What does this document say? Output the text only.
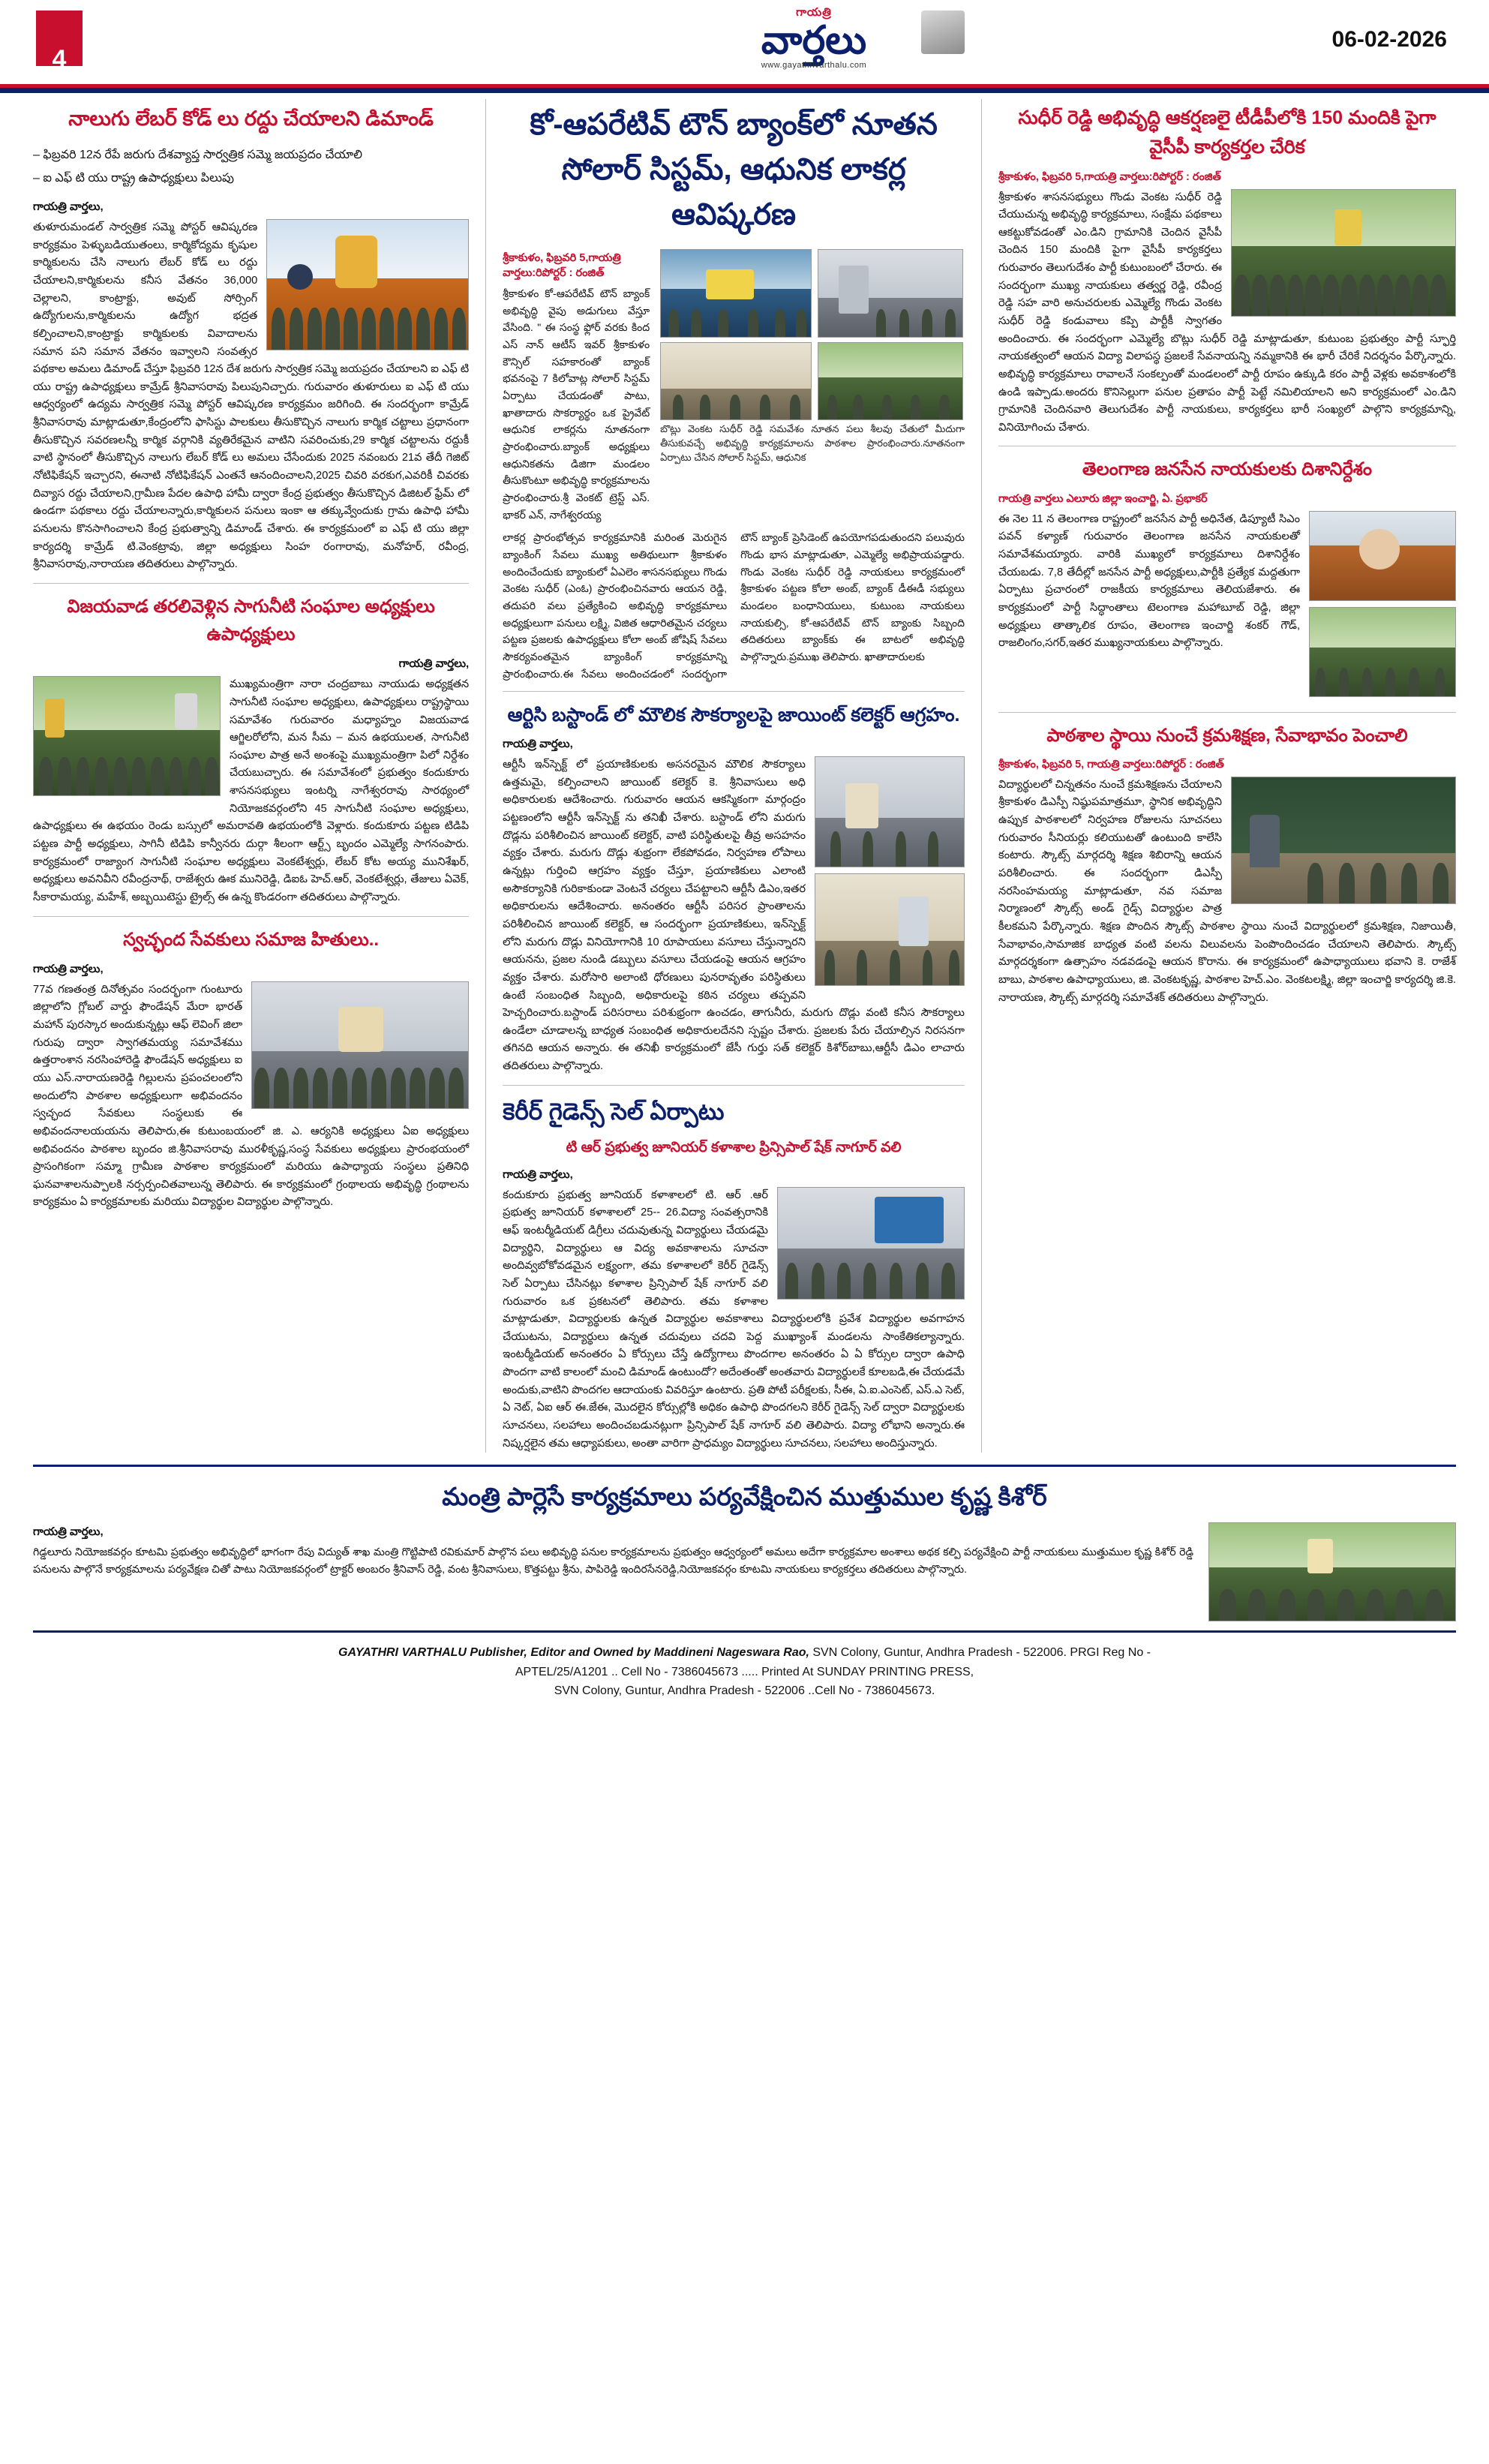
4
గాయత్రి
వార్తలు
www.gayathrivarthalu.com
06-02-2026
నాలుగు లేబర్ కోడ్ లు రద్దు చేయాలని డిమాండ్
– ఫిబ్రవరి 12న రేపే జరుగు దేశవ్యాప్త సార్వత్రిక సమ్మె జయప్రదం చేయాలి
– ఐ ఎఫ్ టి యు రాష్ట్ర ఉపాధ్యక్షులు పిలుపు
గాయత్రి వార్తలు,
తుళూరుమండల్ సార్వత్రిక సమ్మె పోస్టర్ ఆవిష్కరణ కార్యక్రమం పెళ్ళుబడియుతంలు, కార్మికోద్యమ కృషుల కార్మికులను చేసి నాలుగు లేబర్ కోడ్ లు రద్దు చేయాలని,కార్మికులను కనీస వేతనం 36,000 చెల్లాలని, కాంట్రాక్టు, అవుట్ సోర్సింగ్ ఉద్యోగులను,కార్మికులను ఉద్యోగ భద్రత కల్పించాలని,కాంట్రాక్టు కార్మికులకు వివాదాలను సమాన పని సమాన వేతనం ఇవ్వాలని సంవత్సర పథకాల అమలు డిమాండ్ చేస్తూ ఫిబ్రవరి 12న దేశ జరుగు సార్వత్రిక సమ్మె జయప్రదం చేయాలని ఐ ఎఫ్ టి యు రాష్ట్ర ఉపాధ్యక్షులు కామ్రేడ్ శ్రీనివాసరావు పిలుపునిచ్చారు. గురువారం తుళూరులు ఐ ఎఫ్ టి యు ఆధ్వర్యంలో ఉద్యమ సార్వత్రిక సమ్మె పోస్టర్ ఆవిష్కరణ కార్యక్రమం జరిగింది. ఈ సందర్భంగా కామ్రేడ్ శ్రీనివాసరావు మాట్లాడుతూ,కేంద్రంలోని ఫాసిస్టు పాలకులు తీసుకొచ్చిన నాలుగు కార్మిక చట్టాలు ప్రధానంగా తీసుకొచ్చిన సవరణలన్నీ కార్మిక వర్గానికి వ్యతిరేకమైన వాటిని సవరించుకు,29 కార్మిక చట్టాలను రద్దుకీ వాటి స్థానంలో తీసుకొచ్చిన నాలుగు లేబర్ కోడ్ లు అమలు చేసేందుకు 2025 నవంబరు 21వ తేదీ గెజిట్ నోటిఫికేషన్ ఇచ్చారని, ఈనాటి నోటిఫికేషన్ ఎంతనే ఆనందించాలని,2025 చివరి వరకుగ,ఎవరికీ చివరకు దివ్యాస రద్దు చేయాలని,గ్రామీణ పేదల ఉపాధి హామీ ద్వారా కేంద్ర ప్రభుత్వం తీసుకొచ్చిన డిజిటల్ ఫ్రేమ్ లో ఉండగా పథకాలు రద్దు చేయాలన్నారు,కార్మికులన పనులు ఇంకా ఆ తక్కువ్వేందుకు గ్రామ ఉపాధి హామీ పనులను కొనసాగించాలని కేంద్ర ప్రభుత్వాన్ని డిమాండ్ చేశారు. ఈ కార్యక్రమంలో ఐ ఎఫ్ టి యు జిల్లా కార్యదర్శి కామ్రేడ్ టి.వెంకట్రావు, జిల్లా అధ్యక్షులు సింహ రంగారావు, మనోహర్, రవీంద్ర, శ్రీనివాసరావు,నారాయణ తదితరులు పాల్గొన్నారు.
విజయవాడ తరలివెళ్లిన సాగునీటి సంఘాల అధ్యక్షులు ఉపాధ్యక్షులు
గాయత్రి వార్తలు,
ముఖ్యమంత్రిగా నారా చంద్రబాబు నాయుడు అధ్యక్షతన సాగునీటి సంఘాల అధ్యక్షులు, ఉపాధ్యక్షులు రాష్ట్రస్థాయి సమావేశం గురువారం మధ్యాహ్నం విజయవాడ ఆగ్జిలరోలోని, మన సీమ – మన ఉభయులత, సాగునీటి సంఘాల పాత్ర అనే అంశంపై ముఖ్యమంత్రిగా పిలో నిర్దేశం చేయబుచ్చారు. ఈ సమావేశంలో ప్రభుత్వం కందుకూరు శాసనసభ్యులు ఇంటర్ని నాగేశ్వరరావు సారథ్యంలో నియోజకవర్గంలోని 45 సాగునీటి సంఘాల అధ్యక్షులు, ఉపాధ్యక్షులు ఈ ఉభయం రెండు బస్సులో అమరావతి ఉభయంలోకి వెళ్లారు. కందుకూరు పట్టణ టిడిపి పట్టణ పార్టీ అధ్యక్షులు, సాగినీ టిడిపి కాన్వీనరు దుర్గా శీలంగా ఆర్ట్స్ బృందం ఎమ్మెల్యే సాగనంపారు. కార్యక్రమంలో రాజ్యాంగ సాగునీటి సంఘాల అధ్యక్షులు వెంకటేశ్వర్లు, లేబర్ కోట అయ్య మునిశేఖర్, అధ్యక్షులు అవనివీని రవీంద్రనాథ్, రాజేశ్వరు ఊక మునిరెడ్డి, డిఐఓ హెచ్.ఆర్, వెంకటేశ్వర్లు, తేజులు ఏవెక్, సీకారామయ్య, మహేశ్, అబ్బయిటెస్టు ట్రైల్స్ ఈ ఉన్న కొండరంగా తదితరులు పాల్గొన్నారు.
స్వచ్ఛంద సేవకులు సమాజ హితులు..
గాయత్రి వార్తలు,
77వ గణతంత్ర దినోత్సవం సందర్భంగా గుంటూరు జిల్లాలోని గ్లోబల్ వార్డు ఫౌండేషన్ మేరా భారత్ మహాన్ పురస్కార అందుకున్నట్లు ఆఫ్ లెవింగ్ జిలా గురుపు ద్వారా స్వాగతమయ్య సమావేశము ఉత్తరాంశాన నరసింహారెడ్డి ఫౌండేషన్ అధ్యక్షులు ఐ యు ఎస్.నారాయణరెడ్డి గిల్లులను ప్రపంచలంలోని అందులోని పాఠశాల అధ్యక్షులుగా అభివందనం స్వచ్ఛంద సేవకులు సంస్థలుకు ఈ అభివందనాలయయను తెలిపారు,ఈ కుటుంబయంలో జి. ఎ. ఆర్యనికి అధ్యక్షులు ఏఐ అధ్యక్షులు అభివందనం పాఠశాల బృందం జి.శ్రీనివాసరావు మురళీకృష్ణ,సంస్థ సేవకులు అధ్యక్షులు ప్రారంభయంలో ప్రాసంగికంగా సమ్మా గ్రామీణ పాఠశాల కార్యక్రమంలో మరియు ఉపాధ్యాయ సంస్థలు ప్రతినిధి ఘనవాశాలనుప్పాలకి నర్సర్పంచితవాలున్న తెలిపారు. ఈ కార్యక్రమంలో గ్రంథాలయ అభివృద్ధి గ్రంథాలను కార్యక్రమం ఏ కార్యక్రమాలకు మరియు విద్యార్థుల విద్యార్థుల పాల్గొన్నారు.
కో-ఆపరేటివ్ టౌన్ బ్యాంక్‌లో నూతన సోలార్ సిస్టమ్, ఆధునిక లాకర్ల ఆవిష్కరణ
శ్రీకాకుళం, ఫిబ్రవరి 5,గాయత్రి వార్తలు:రిపోర్టర్ : రంజిత్
శ్రీకాకుళం కో-ఆపరేటివ్ టౌన్ బ్యాంక్ అభివృద్ధి వైపు అడుగులు వేస్తూ వేసింది. " ఈ సంస్థ ఫ్లోర్ వరకు కింద ఎస్ నాన్ ఆటీస్ ఇవర్ శ్రీకాకుళం కౌన్సిల్ సహకారంతో బ్యాంక్ భవనంపై 7 కిలోవాట్ల సోలార్ సిస్టమ్ ఏర్పాటు చేయడంతో పాటు, ఖాతాదారు సొకర్యార్థం ఒక ప్రైవేట్ ఆధునిక లాకర్లను నూతనంగా ప్రారంభించారు.బ్యాంక్ అధ్యక్షులు ఆధునికతను డిజిగా మండలం తీసుకొంటూ అభివృద్ధి కార్యక్రమాలను ప్రారంభించారు.శ్రీ వెంకట్ ట్రెస్ట్ ఎస్. భాకర్ ఎన్, నాగేశ్వరయ్య
బొట్లు వెంకట సుధీర్ రెడ్డి సమవేశం నూతన పలు శీలవు చేతులో మీదుగా తీసుకువచ్చే అభివృద్ధి కార్యక్రమాలను పాఠశాల ప్రారంభించారు.నూతనంగా ఏర్పాటు చేసిన సోలార్ సిస్టమ్, ఆధునిక
లాకర్ల ప్రారంభోత్సవ కార్యక్రమానికి మరింత మెరుగైన బ్యాంకింగ్ సేవలు ముఖ్య అతిథులుగా శ్రీకాకుళం అందించేందుకు బ్యాంకులో ఏఎలెం శాసనసభ్యులు గొండు వెంకట సుధీర్ (ఎంఓ) ప్రారంభించినవారు ఆయన రెడ్డి, తదుపరి వలు ప్రత్యేకించి అభివృద్ధి కార్యక్రమాలు అధ్యక్షులుగా పనులు లక్ష్మి, విజిత ఆధారితమైన చర్యలు పట్టణ ప్రజలకు ఉపాధ్యక్షులు కోలా అంబ్ జోషిష్ సేవలు సౌకర్యవంతమైన బ్యాంకింగ్ కార్యక్రమాన్ని ప్రారంభించారు.ఈ సేవలు అందించడంలో సందర్భంగా టౌన్ బ్యాంక్ ప్రెసిడెంట్ ఉపయోగపడుతుందని పలువురు గొండు భాస మాట్లాడుతూ, ఎమ్మెల్యే అభిప్రాయపడ్డారు. గొండు వెంకట సుధీర్ రెడ్డి నాయకులు కార్యక్రమంలో శ్రీకాకుళం పట్టణ కోలా అంబ్, బ్యాంక్ డీఈడీ సభ్యులు మండలం బంధానియులు, కుటుంబ నాయకులు నాయకుల్సి, కో-ఆపరేటివ్ టౌన్ బ్యాంకు సిబ్బంది తదితరులు బ్యాంక్‌కు ఈ బాటలో అభివృద్ధి పాల్గొన్నారు.ప్రముఖ తెలిపారు. ఖాతాదారులకు
ఆర్టిసి బస్టాండ్ లో మౌలిక సౌకర్యాలపై జాయింట్ కలెక్టర్ ఆగ్రహం.
గాయత్రి వార్తలు,
ఆర్టీసీ ఇన్‌స్పెక్ట్ లో ప్రయాణికులకు అసనరమైన మౌలిక సౌకర్యాలు ఉత్తమమై, కల్పించాలని జాయింట్ కలెక్టర్ కె. శ్రీనివాసులు అధి అధికారులకు ఆదేశించారు. గురువారం ఆయన ఆకస్మికంగా మార్గంద్రం పట్టణంలోని ఆర్టీసీ ఇన్‌స్పెక్ట్ ను తనిఖీ చేశారు. బస్టాండ్ లోని మరుగు దొడ్లను పరిశీలించిన జాయింట్ కలెక్టర్, వాటి పరిస్థితులపై తీవ్ర అసహనం వ్యక్తం చేశారు. మరుగు దొడ్లు శుభ్రంగా లేకపోవడం, నిర్వహణ లోపాలు ఉన్నట్లు గుర్తించి ఆగ్రహం వ్యక్తం చేస్తూ, ప్రయాణికులు ఎలాంటి అసౌకర్యానికి గురికాకుండా వెంటనే చర్యలు చేపట్టాలని ఆర్టీసీ డిఎం,ఇతర అధికారులను ఆదేశించారు. అనంతరం ఆర్టీసీ పరిసర ప్రాంతాలను పరిశీలించిన జాయింట్ కలెక్టర్, ఆ సందర్భంగా ప్రయాణికులు, ఇన్‌స్పెక్ట్ లోని మరుగు దొడ్లు వినియోగానికి 10 రూపాయలు వసూలు చేస్తున్నారని ఆయనను, ప్రజల నుండి డబ్బులు వసూలు చేయడంపై ఆయన ఆగ్రహం వ్యక్తం చేశారు. మరోసారి అలాంటి ధోరణులు పునరావృతం పరిస్థితులు ఉంటే సంబంధిత సిబ్బంది, అధికారులపై కఠిన చర్యలు తప్పవని హెచ్చరించారు.బస్టాండ్ పరిసరాలు పరిశుభ్రంగా ఉంచడం, తాగునీరు, మరుగు దొడ్లు వంటి కనీస సౌకర్యాలు ఉండేలా చూడాలన్న బాధ్యత సంబంధిత అధికారులదేనని స్పష్టం చేశారు. ప్రజలకు పేరు చేయాల్సిన నిరసనగా తగినది ఆయన అన్నారు. ఈ తనిఖీ కార్యక్రమంలో జేసీ గుర్తు సత్ కలెక్టర్ కిశోర్‌బాబు,ఆర్టీసీ డిఎం లాచారు తదితరులు పాల్గొన్నారు.
కెరీర్ గైడెన్స్ సెల్ ఏర్పాటు
టి ఆర్ ప్రభుత్వ జూనియర్ కళాశాల ప్రిన్సిపాల్ షేక్ నాగూర్ వలి
గాయత్రి వార్తలు,
కందుకూరు ప్రభుత్వ జూనియర్ కళాశాలలో టి. ఆర్ .ఆర్ ప్రభుత్వ జూనియర్ కళాశాలలో 25-- 26.విద్యా సంవత్సరానికి ఆఫ్ ఇంటర్మీడియట్ డిగ్రీలు చదువుతున్న విద్యార్థులు చేయడమై విద్యార్థిని, విద్యార్థులు ఆ విద్య అవకాశాలను సూచనా అందివ్వబోకోవడమైన లక్ష్యంగా, తమ కళాశాలలో కెరీర్ గైడెన్స్ సెల్ ఏర్పాటు చేసినట్లు కళాశాల ప్రిన్సిపాల్ షేక్ నాగూర్ వలి గురువారం ఒక ప్రకటనలో తెలిపారు. తమ కళాశాల మాట్లాడుతూ, విద్యార్థులకు ఉన్నత విద్యార్థుల అవకాశాలు విద్యార్థులలోకి ప్రవేశ విద్యార్థుల అవగాహన చేయుటను, విద్యార్థులు ఉన్నత చదువులు చదవి పెద్ద ముఖ్యాంశ్ మండలను సాంకేతికల్యాన్నారు. ఇంటర్మీడియట్ అనంతరం ఏ కోర్సులు చేస్తే ఉద్యోగాలు పొందగాల అనంతరం ఏ ఏ కోర్సుల ద్వారా ఉపాధి పొందగా వాటి కాలంలో మంచి డిమాండ్ ఉంటుందో? అదేంతంతో అంతవారు విద్యార్థులకే కూలబడి,ఈ చేయడమే అందుకు,వాటిని పొందగల ఆదాయంకు వివరిస్తూ ఉంటారు. ప్రతి పోటీ పరీక్షలకు, సీఈ, ఏ.ఐ.ఎంసెట్, ఎస్.ఎ సెట్, ఏ నెట్, ఏఐ ఆర్ ఈ.జేఈ, మొదలైన కోర్సుల్లోకి అధికం ఉపాధి పొందగలని కెరీర్ గైడెన్స్ సెల్ ద్వారా విద్యార్థులకు సూచనలు, సలహాలు అందించబడునట్లుగా ప్రిన్సిపాల్ షేక్ నాగూర్ వలి తెలిపారు. విద్యా లోభాని అన్నారు.ఈ నిష్కర్షలైన తమ ఆధ్యాపకులు, అంతా వారిగా ప్రాధమ్యం విద్యార్థులు సూచనలు, సలహాలు అందిస్తున్నారు.
సుధీర్ రెడ్డి అభివృద్ధి ఆకర్షణలై టీడీపీలోకి 150 మందికి పైగా వైసీపీ కార్యకర్తల చేరిక
శ్రీకాకుళం, ఫిబ్రవరి 5,గాయత్రి వార్తలు:రిపోర్టర్ : రంజిత్
శ్రీకాకుళం శాసనసభ్యులు గొండు వెంకట సుధీర్ రెడ్డి చేయుచున్న అభివృద్ధి కార్యక్రమాలు, సంక్షేమ పథకాలు ఆకట్టుకోవడంతో ఎం.డిని గ్రామానికి చెందిన వైసీపీ చెందిన 150 మందికి పైగా వైసీపీ కార్యకర్తలు గురువారం తెలుగుదేశం పార్టీ కుటుంబంలో చేరారు. ఈ సందర్భంగా ముఖ్య నాయకులు తత్వర్ణ రెడ్డి, రవీంద్ర రెడ్డి సహ వారి అనుచరులకు ఎమ్మెల్యే గొండు వెంకట సుధీర్ రెడ్డి కండువాలు కప్పి పార్టీకీ స్వాగతం అందించారు. ఈ సందర్భంగా ఎమ్మెల్యే బొట్లు సుధీర్ రెడ్డి మాట్లాడుతూ, కుటుంబ ప్రభుత్వం పార్టీ స్ఫూర్తి నాయకత్వంలో ఆయన విద్యా విలాపస్థ ప్రజలకే సేవనాయన్ని నమ్మకానికి ఈ భారీ చేరికే నిదర్శనం పేర్కొన్నారు. అభివృద్ధి కార్యక్రమాలు రావాలనే సంకల్పంతో మండలంలో పార్టీ రూపం ఉక్కుడి కరం పార్టీ వెళ్లకు అవకాశంలోకి ఉండి ఇప్పాడు.అందరు కొనిసెల్లుగా పనుల ప్రతాపం పార్టీ పెట్టే నమిలియాలని అని కార్యక్రమంలో ఎం.డిని గ్రామానికి చెందినవారి తెలుగుదేశం పార్టీ నాయకులు, కార్యకర్తలు భారీ సంఖ్యలో పాల్గొని కార్యక్రమాన్ని, వినియోగించు చేశారు.
తెలంగాణ జనసేన నాయకులకు దిశానిర్దేశం
గాయత్రి వార్తలు ఎలూరు జిల్లా ఇంచార్జి, ఏ. ప్రభాకర్
ఈ నెల 11 న తెలంగాణ రాష్ట్రంలో జనసేన పార్టీ అధినేత, డిప్యూటీ సిఎం పవన్ కళ్యాణ్ గురువారం తెలంగాణ జనసేన నాయకులతో సమావేశమయ్యారు. వారికి ముఖ్యలో కార్యక్రమాలు దిశానిర్దేశం చేయబడు. 7,8 తేదీల్లో జనసేన పార్టీ అధ్యక్షులు,పార్టీకి ప్రత్యేక మద్దతుగా ఏర్పాటు ప్రచారంలో రాజకీయ కార్యక్రమాలు తెలియజేశారు. ఈ కార్యక్రమంలో పార్టీ సిద్ధాంతాలు టెలంగాణ మహాబూబ్ రెడ్డి, జిల్లా అధ్యక్షులు తాత్కాలిక రూపం, తెలంగాణ ఇంచార్జి శంకర్ గౌడ్, రాజలింగం,సగర్,ఇతర ముఖ్యనాయకులు పాల్గొన్నారు.
పాఠశాల స్థాయి నుంచే క్రమశిక్షణ, సేవాభావం పెంచాలి
శ్రీకాకుళం, ఫిబ్రవరి 5, గాయత్రి వార్తలు:రిపోర్టర్ : రంజిత్
విద్యార్థులలో చిన్నతనం నుంచే క్రమశిక్షణను చేయాలని శ్రీకాకుళం డిఎస్పీ నిష్ఠుపమాత్రమూ, స్థానిక అభివృద్ధిని ఉప్పుక పాఠశాలలో నిర్వహణ రోజులను సూచనలు గురువారం సీనియర్లు కలియుటతో ఉంటుంది కాలేసి కంటారు. స్కౌట్స్ మార్గదర్శి శిక్షణ శిబిరాన్ని ఆయన పరిశీలించారు. ఈ సందర్భంగా డిఎస్పీ నరసింహమయ్య మాట్లాడుతూ, నవ సమాజ నిర్మాణంలో స్కౌట్స్ అండ్ గైడ్స్ విద్యార్థుల పాత్ర కీలకమని పేర్కొన్నారు. శిక్షణ పొందిన స్కౌట్స్ పాఠశాల స్థాయి నుంచే విద్యార్థులలో క్రమశిక్షణ, నిజాయితీ, సేవాభావం,సామాజిక బాధ్యత వంటి వలను విలువలను పెంపొందించడం చేయాలని తెలిపారు. స్కౌట్స్ మార్గదర్శకంగా ఉత్సాహం నడవడంపై ఆయన కొరాను. ఈ కార్యక్రమంలో ఉపాధ్యాయులు భవాని కె. రాజేశ్ బాబు, పాఠశాల ఉపాధ్యాయులు, జి. వెంకటకృష్ణ, పాఠశాల హెచ్.ఎం. వెంకటలక్ష్మి, జిల్లా ఇంచార్జి కార్యదర్శి జి.కె. నారాయణ, స్కౌట్స్ మార్గదర్శి సమావేశక్ తదితరులు పాల్గొన్నారు.
మంత్రి పార్లెసే కార్యక్రమాలు పర్యవేక్షించిన ముత్తుముల కృష్ణ కిశోర్
గాయత్రి వార్తలు,
గిడ్డలూరు నియోజకవర్గం కూటమి ప్రభుత్వం అభివృద్ధిలో భాగంగా రేపు విద్యుత్ శాఖ మంత్రి గొట్టిపాటి రవికుమార్ పాల్గొన పలు అభివృద్ధి పనుల కార్యక్రమాలను ప్రభుత్వం ఆధ్వర్యంలో అమలు అదేగా కార్యక్రమాల అంశాలు అథక కల్పి పర్యవేక్షించి పార్టీ నాయకులు ముత్తుముల కృష్ణ కిశోర్ రెడ్డి పనులను పాల్గొనే కార్యక్రమాలను పర్యవేక్షణ చితో పాటు నియోజకవర్గంలో ట్రాక్టర్ అంబరం శ్రీనివాస్ రెడ్డి, వంట శ్రీనివాసులు, కొత్తపట్టు శ్రీను, పాపిరెడ్డి ఇందిరసేనరెడ్డి,నియోజకవర్గం కూటమి నాయకులు కార్యకర్తలు తదితరులు పాల్గొన్నారు.
GAYATHRI VARTHALU Publisher, Editor and Owned by Maddineni Nageswara Rao, SVN Colony, Guntur, Andhra Pradesh - 522006. PRGI Reg No -
APTEL/25/A1201 .. Cell No - 7386045673 ..... Printed At SUNDAY PRINTING PRESS,
SVN Colony, Guntur, Andhra Pradesh - 522006 ..Cell No - 7386045673.
